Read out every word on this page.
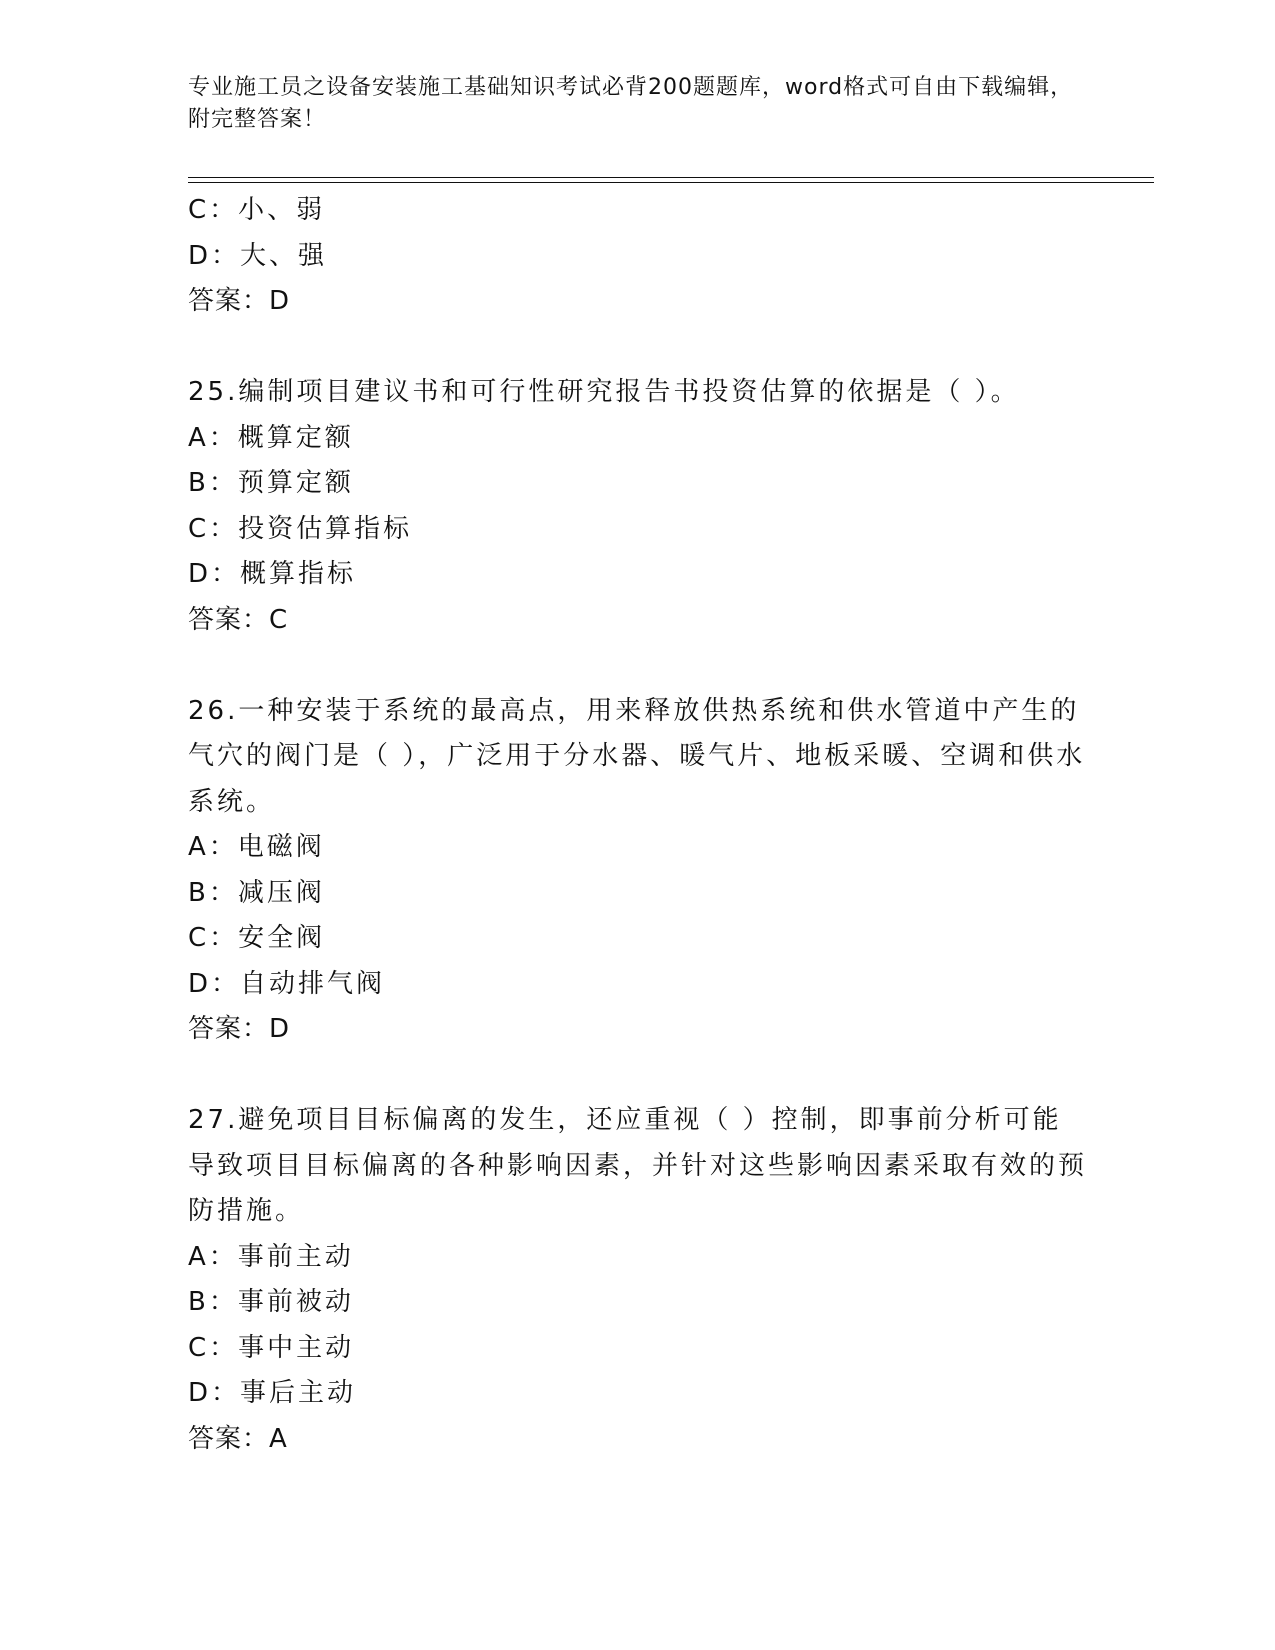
专业施工员之设备安装施工基础知识考试必背200题题库，word格式可自由下载编辑，附完整答案！
C：小、弱
D：大、强
答案：D
25.编制项目建议书和可行性研究报告书投资估算的依据是（ ）。
A：概算定额
B：预算定额
C：投资估算指标
D：概算指标
答案：C
26.一种安装于系统的最高点，用来释放供热系统和供水管道中产生的气穴的阀门是（ ），广泛用于分水器、暖气片、地板采暖、空调和供水系统。
A：电磁阀
B：减压阀
C：安全阀
D：自动排气阀
答案：D
27.避免项目目标偏离的发生，还应重视（ ）控制，即事前分析可能导致项目目标偏离的各种影响因素，并针对这些影响因素采取有效的预防措施。
A：事前主动
B：事前被动
C：事中主动
D：事后主动
答案：A
